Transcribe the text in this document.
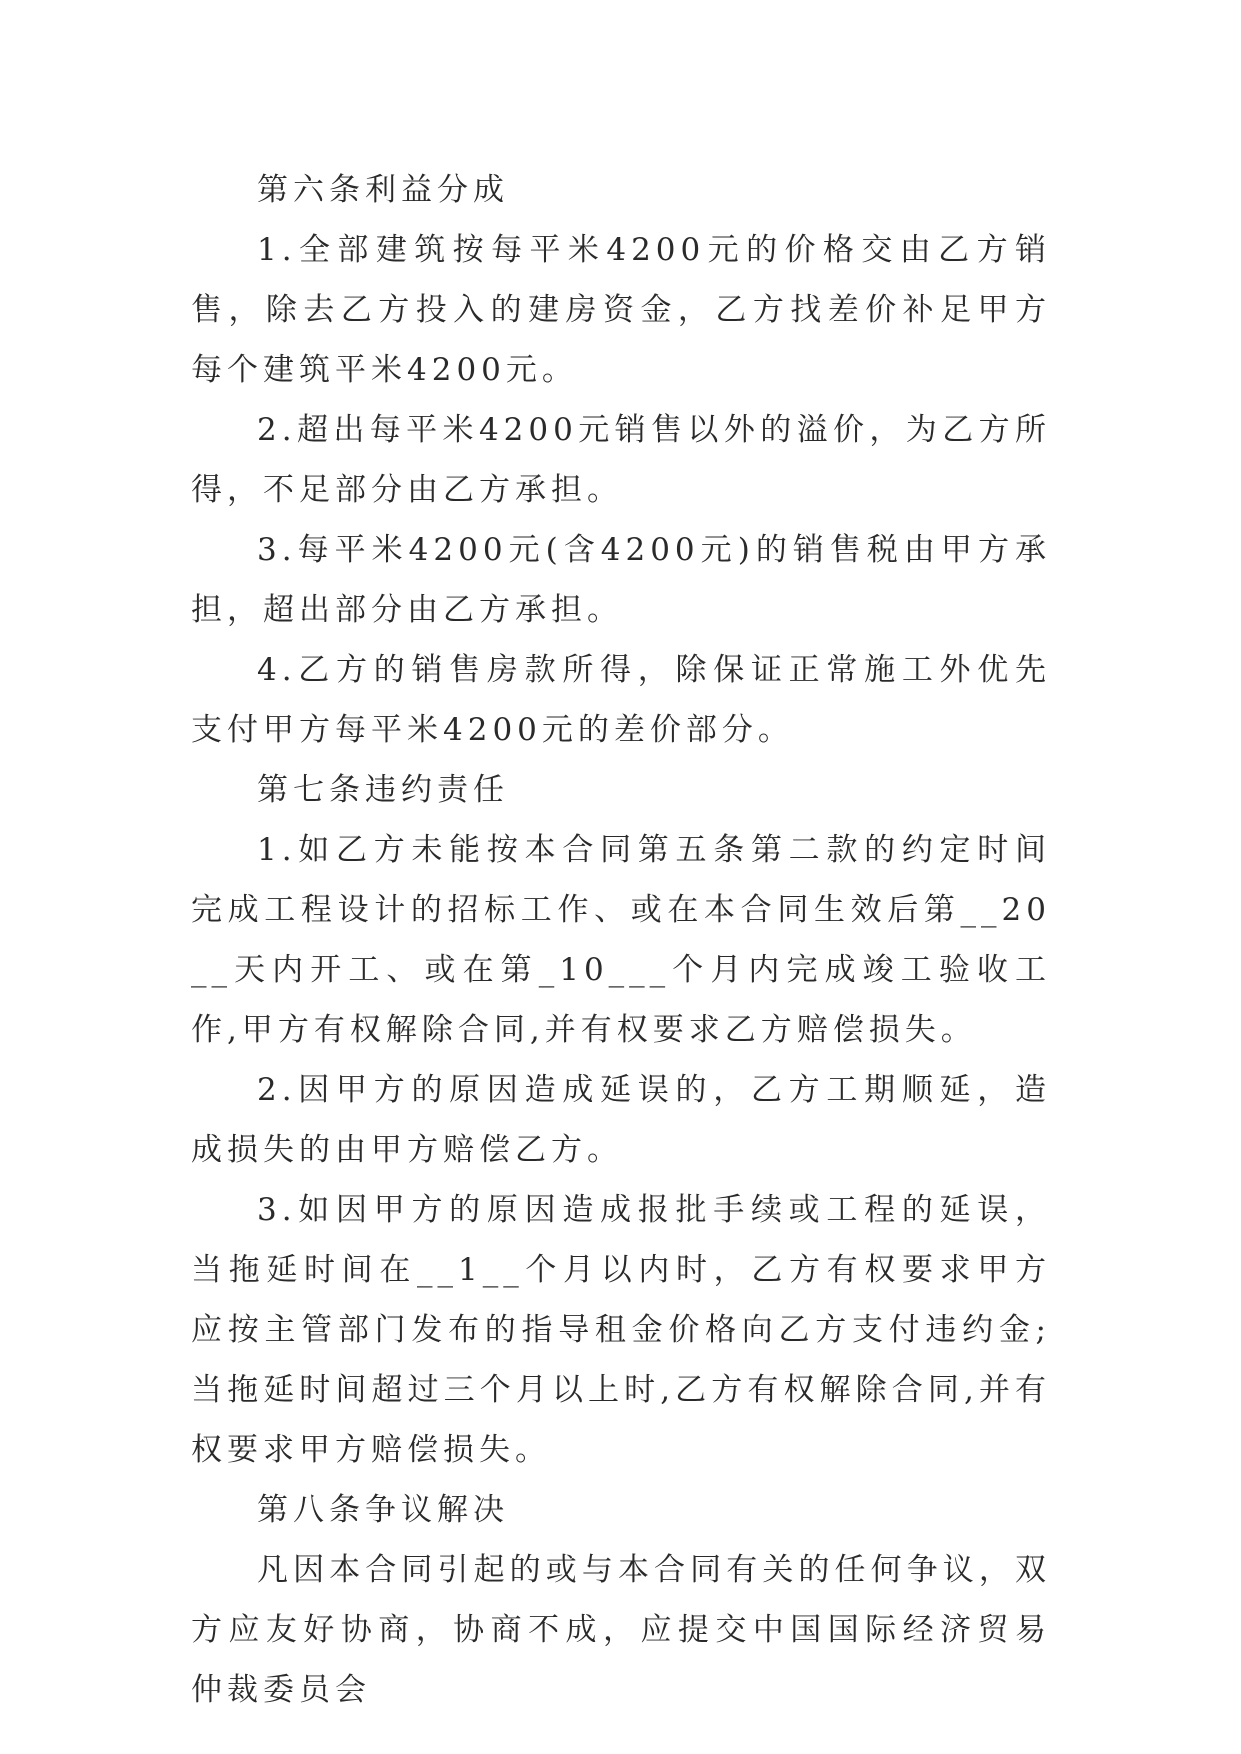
第六条利益分成

1.全部建筑按每平米4200元的价格交由乙方销售，除去乙方投入的建房资金，乙方找差价补足甲方每个建筑平米4200元。

2.超出每平米4200元销售以外的溢价，为乙方所得，不足部分由乙方承担。

3.每平米4200元(含4200元)的销售税由甲方承担，超出部分由乙方承担。

4.乙方的销售房款所得，除保证正常施工外优先支付甲方每平米4200元的差价部分。

第七条违约责任

1.如乙方未能按本合同第五条第二款的约定时间完成工程设计的招标工作、或在本合同生效后第__20__天内开工、或在第_10___个月内完成竣工验收工作,甲方有权解除合同,并有权要求乙方赔偿损失。

2.因甲方的原因造成延误的，乙方工期顺延，造成损失的由甲方赔偿乙方。

3.如因甲方的原因造成报批手续或工程的延误，当拖延时间在__1__个月以内时，乙方有权要求甲方应按主管部门发布的指导租金价格向乙方支付违约金;当拖延时间超过三个月以上时,乙方有权解除合同,并有权要求甲方赔偿损失。

第八条争议解决

凡因本合同引起的或与本合同有关的任何争议，双方应友好协商，协商不成，应提交中国国际经济贸易仲裁委员会
